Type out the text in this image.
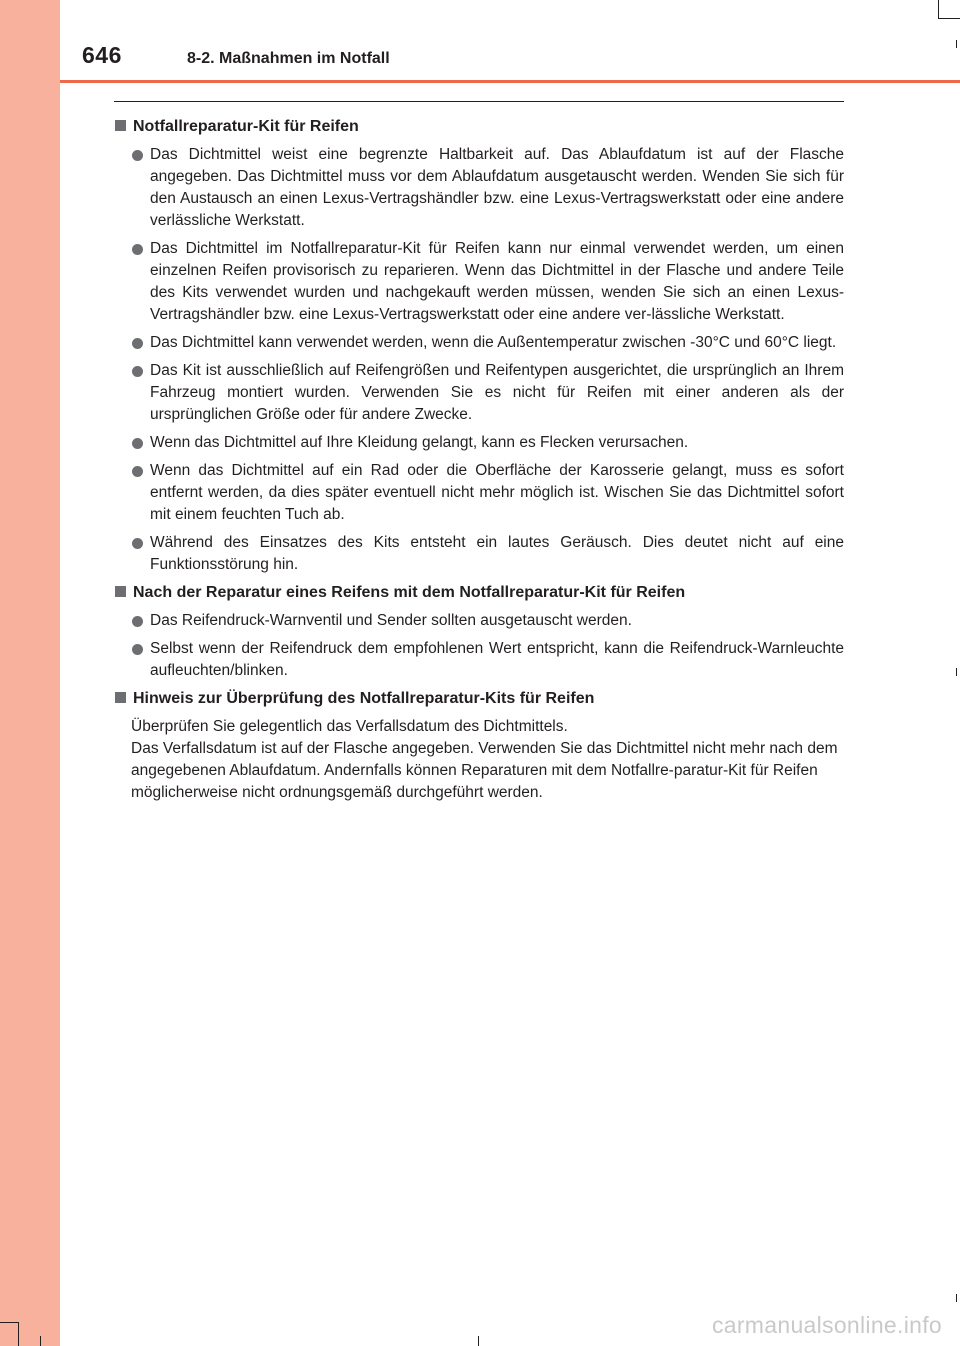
646	8-2. Maßnahmen im Notfall
Notfallreparatur-Kit für Reifen
Das Dichtmittel weist eine begrenzte Haltbarkeit auf. Das Ablaufdatum ist auf der Flasche angegeben. Das Dichtmittel muss vor dem Ablaufdatum ausgetauscht werden. Wenden Sie sich für den Austausch an einen Lexus-Vertragshändler bzw. eine Lexus-Vertragswerkstatt oder eine andere verlässliche Werkstatt.
Das Dichtmittel im Notfallreparatur-Kit für Reifen kann nur einmal verwendet werden, um einen einzelnen Reifen provisorisch zu reparieren. Wenn das Dichtmittel in der Flasche und andere Teile des Kits verwendet wurden und nachgekauft werden müssen, wenden Sie sich an einen Lexus-Vertragshändler bzw. eine Lexus-Vertragswerkstatt oder eine andere ver-lässliche Werkstatt.
Das Dichtmittel kann verwendet werden, wenn die Außentemperatur zwischen -30°C und 60°C liegt.
Das Kit ist ausschließlich auf Reifengrößen und Reifentypen ausgerichtet, die ursprünglich an Ihrem Fahrzeug montiert wurden. Verwenden Sie es nicht für Reifen mit einer anderen als der ursprünglichen Größe oder für andere Zwecke.
Wenn das Dichtmittel auf Ihre Kleidung gelangt, kann es Flecken verursachen.
Wenn das Dichtmittel auf ein Rad oder die Oberfläche der Karosserie gelangt, muss es sofort entfernt werden, da dies später eventuell nicht mehr möglich ist. Wischen Sie das Dichtmittel sofort mit einem feuchten Tuch ab.
Während des Einsatzes des Kits entsteht ein lautes Geräusch. Dies deutet nicht auf eine Funktionsstörung hin.
Nach der Reparatur eines Reifens mit dem Notfallreparatur-Kit für Reifen
Das Reifendruck-Warnventil und Sender sollten ausgetauscht werden.
Selbst wenn der Reifendruck dem empfohlenen Wert entspricht, kann die Reifendruck-Warnleuchte aufleuchten/blinken.
Hinweis zur Überprüfung des Notfallreparatur-Kits für Reifen
Überprüfen Sie gelegentlich das Verfallsdatum des Dichtmittels.
Das Verfallsdatum ist auf der Flasche angegeben. Verwenden Sie das Dichtmittel nicht mehr nach dem angegebenen Ablaufdatum. Andernfalls können Reparaturen mit dem Notfallre-paratur-Kit für Reifen möglicherweise nicht ordnungsgemäß durchgeführt werden.
carmanualsonline.info
